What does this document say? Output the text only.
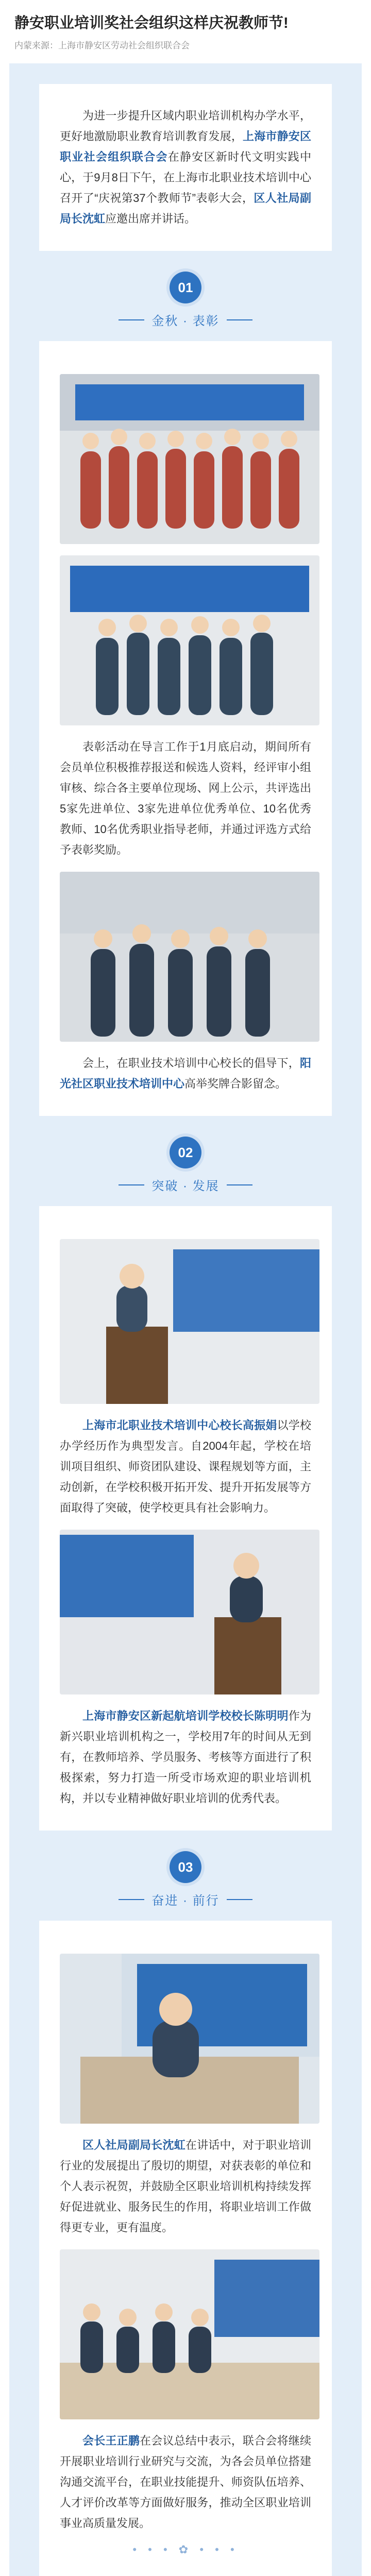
静安职业培训奖社会组织这样庆祝教师节!
内蒙来源：上海市静安区劳动社会组织联合会

为进一步提升区域内职业培训机构办学水平，更好地激励职业教育培训教育发展，上海市静安区职业社会组织联合会在静安区新时代文明实践中心，于9月8日下午，在上海市北职业技术培训中心召开了“庆祝第37个教师节”表彰大会，区人社局副局长沈虹应邀出席并讲话。

01
金秋 · 表彰

表彰活动在导言工作于1月底启动，期间所有会员单位积极推荐报送和候选人资料，经评审小组审核、综合各主要单位现场、网上公示，共评选出5家先进单位、3家先进单位优秀单位、10名优秀教师、10名优秀职业指导老师，并通过评选方式给予表彰奖励。

会上，在职业技术培训中心校长的倡导下，阳光社区职业技术培训中心高举奖牌合影留念。

02
突破 · 发展

上海市北职业技术培训中心校长高振娟以学校办学经历作为典型发言。自2004年起，学校在培训项目组织、师资团队建设、课程规划等方面，主动创新，在学校积极开拓开发、提升开拓发展等方面取得了突破，使学校更具有社会影响力。

上海市静安区新起航培训学校校长陈明明作为新兴职业培训机构之一，学校用7年的时间从无到有，在教师培养、学员服务、考核等方面进行了积极探索，努力打造一所受市场欢迎的职业培训机构，并以专业精神做好职业培训的优秀代表。

03
奋进 · 前行

区人社局副局长沈虹在讲话中，对于职业培训行业的发展提出了殷切的期望，对获表彰的单位和个人表示祝贺，并鼓励全区职业培训机构持续发挥好促进就业、服务民生的作用，将职业培训工作做得更专业，更有温度。

会长王正鹏在会议总结中表示，联合会将继续开展职业培训行业研究与交流，为各会员单位搭建沟通交流平台，在职业技能提升、师资队伍培养、人才评价改革等方面做好服务，推动全区职业培训事业高质量发展。

• • • ✿ • • •
